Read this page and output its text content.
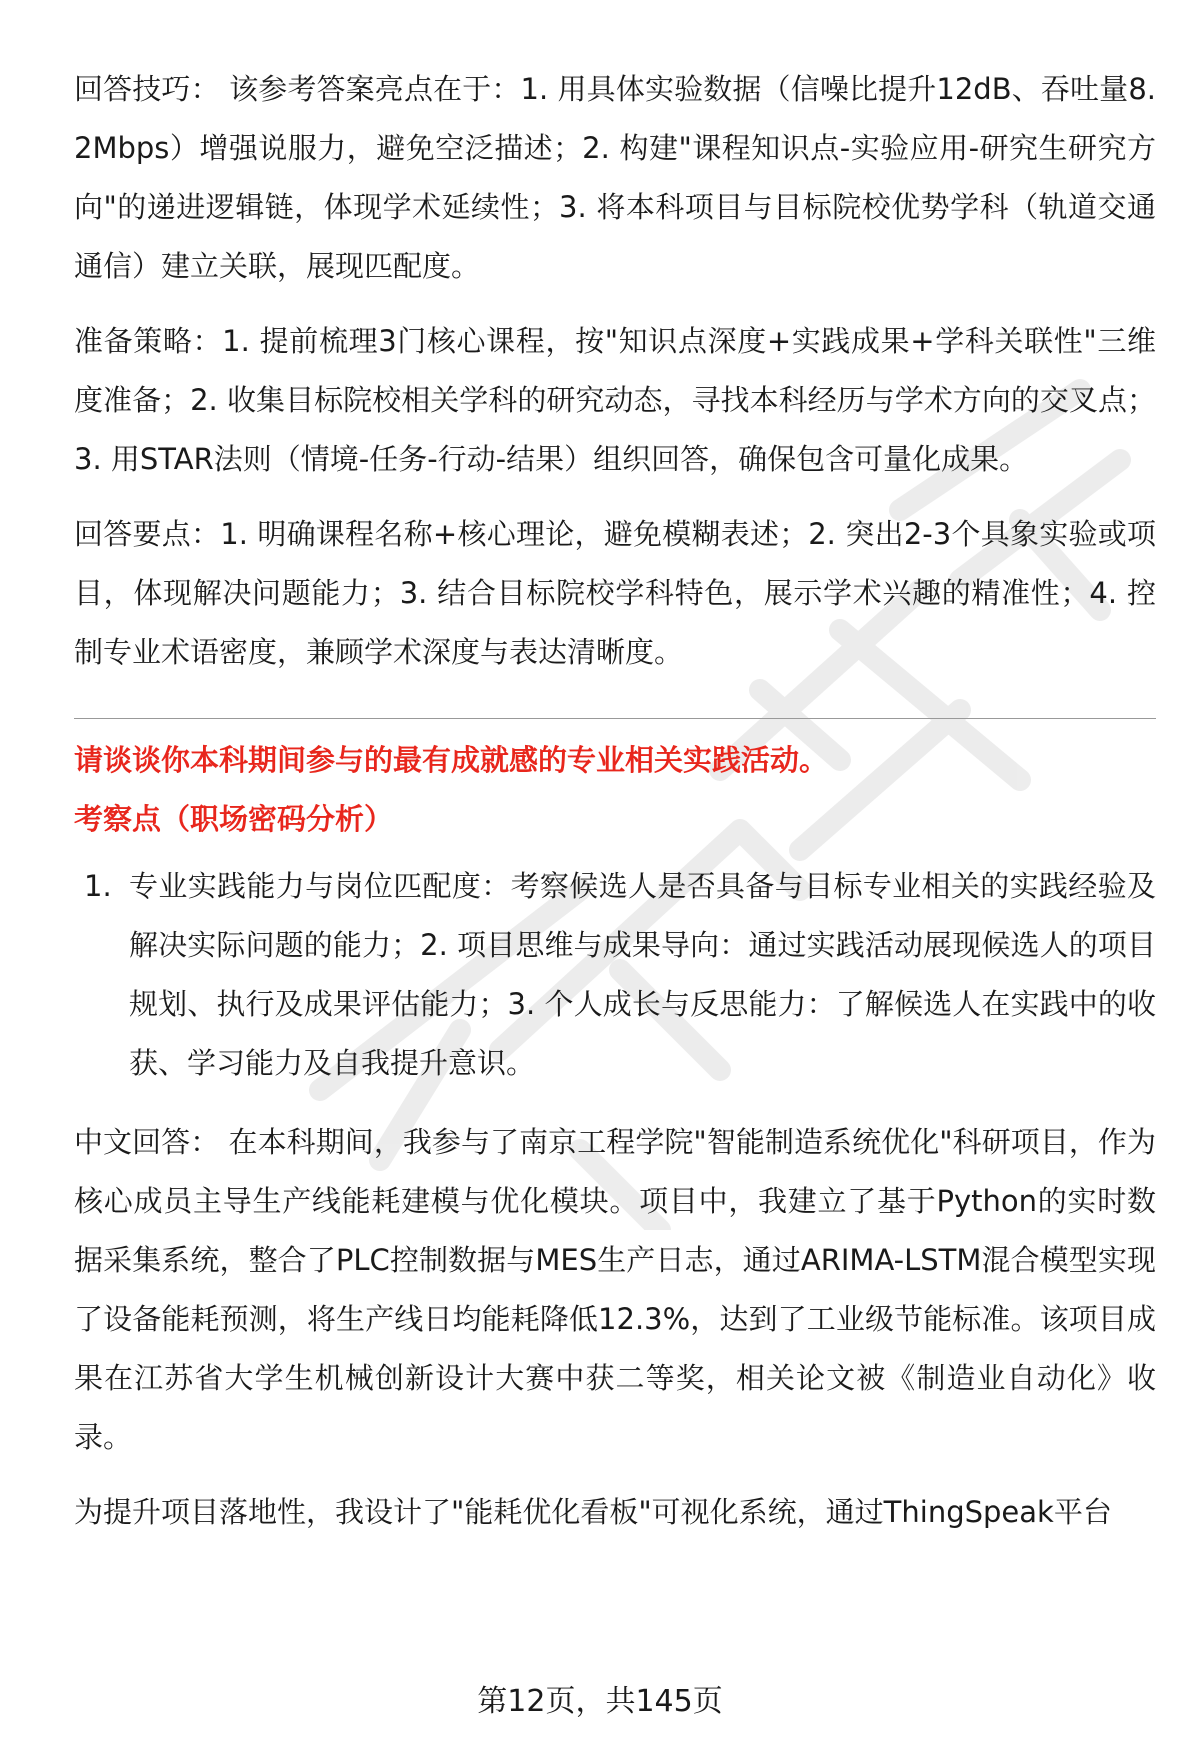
回答技巧： 该参考答案亮点在于：1. 用具体实验数据（信噪比提升12dB、吞吐量8.2Mbps）增强说服力，避免空泛描述；2. 构建"课程知识点-实验应用-研究生研究方向"的递进逻辑链，体现学术延续性；3. 将本科项目与目标院校优势学科（轨道交通通信）建立关联，展现匹配度。

准备策略：1. 提前梳理3门核心课程，按"知识点深度+实践成果+学科关联性"三维度准备；2. 收集目标院校相关学科的研究动态，寻找本科经历与学术方向的交叉点；3. 用STAR法则（情境-任务-行动-结果）组织回答，确保包含可量化成果。

回答要点：1. 明确课程名称+核心理论，避免模糊表述；2. 突出2-3个具象实验或项目，体现解决问题能力；3. 结合目标院校学科特色，展示学术兴趣的精准性；4. 控制专业术语密度，兼顾学术深度与表达清晰度。

请谈谈你本科期间参与的最有成就感的专业相关实践活动。

考察点（职场密码分析）

1. 专业实践能力与岗位匹配度：考察候选人是否具备与目标专业相关的实践经验及解决实际问题的能力；2. 项目思维与成果导向：通过实践活动展现候选人的项目规划、执行及成果评估能力；3. 个人成长与反思能力：了解候选人在实践中的收获、学习能力及自我提升意识。

中文回答： 在本科期间，我参与了南京工程学院"智能制造系统优化"科研项目，作为核心成员主导生产线能耗建模与优化模块。项目中，我建立了基于Python的实时数据采集系统，整合了PLC控制数据与MES生产日志，通过ARIMA-LSTM混合模型实现了设备能耗预测，将生产线日均能耗降低12.3%，达到了工业级节能标准。该项目成果在江苏省大学生机械创新设计大赛中获二等奖，相关论文被《制造业自动化》收录。

为提升项目落地性，我设计了"能耗优化看板"可视化系统，通过ThingSpeak平台

第12页，共145页
